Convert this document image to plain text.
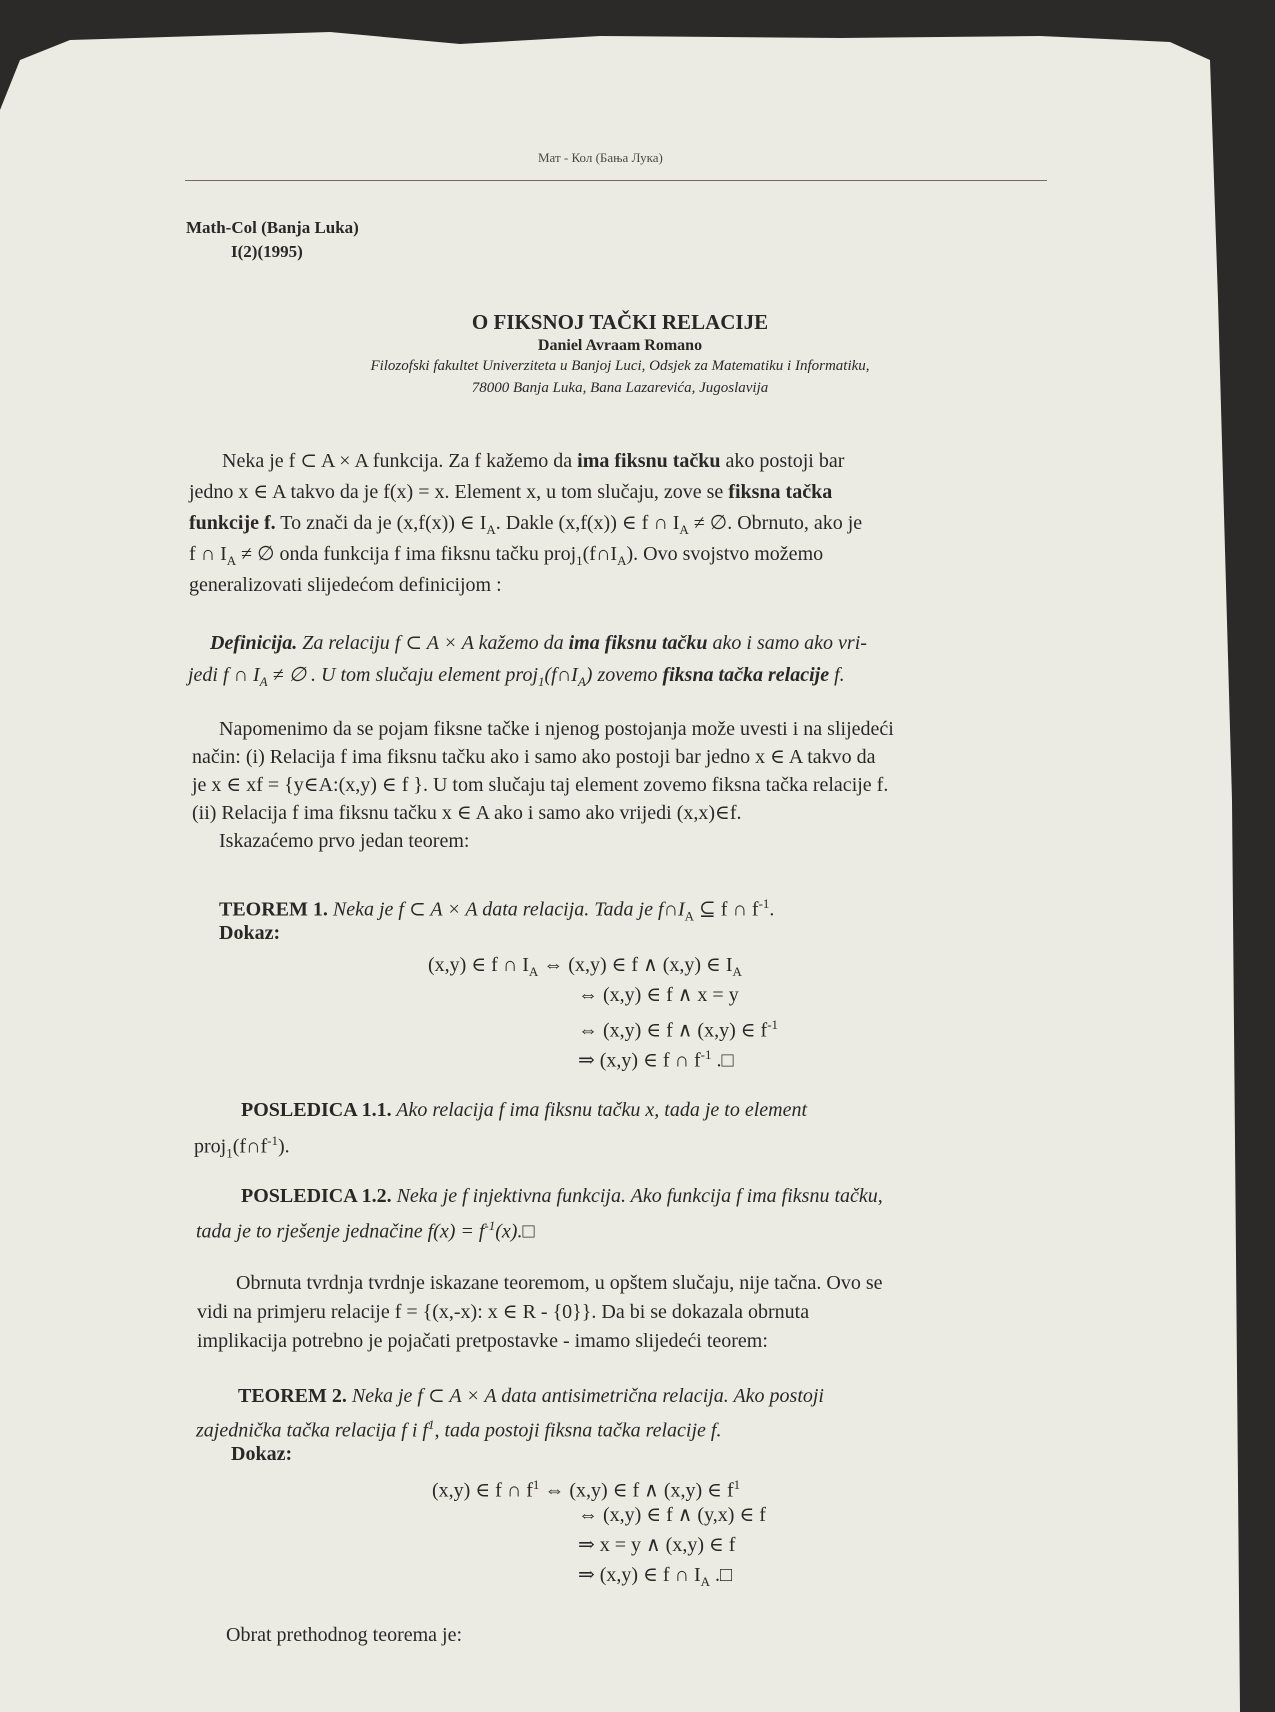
Мат - Кол (Бања Лука)
Math-Col (Banja Luka)
I(2)(1995)
O FIKSNOJ TAČKI RELACIJE
Daniel Avraam Romano
Filozofski fakultet Univerziteta u Banjoj Luci, Odsjek za Matematiku i Informatiku,
78000 Banja Luka, Bana Lazarevića, Jugoslavija
Neka je f ⊂ A × A funkcija. Za f kažemo da ima fiksnu tačku ako postoji bar
jedno x ∈ A takvo da je f(x) = x. Element x, u tom slučaju, zove se fiksna tačka
funkcije f. To znači da je (x,f(x)) ∈ $I_A$. Dakle (x,f(x)) ∈ f ∩ $I_A$ ≠ ∅. Obrnuto, ako je
f ∩ $I_A$ ≠ ∅ onda funkcija f ima fiksnu tačku $proj_1(f\cap I_A)$. Ovo svojstvo možemo
generalizovati slijedećom definicijom :
Definicija. Za relaciju f ⊂ A × A kažemo da ima fiksnu tačku ako i samo ako vri-
jedi f ∩ $I_A$ ≠ ∅ . U tom slučaju element $proj_1(f\cap I_A)$ zovemo fiksna tačka relacije f.
Napomenimo da se pojam fiksne tačke i njenog postojanja može uvesti i na slijedeći
način: (i) Relacija f ima fiksnu tačku ako i samo ako postoji bar jedno x ∈ A takvo da
je x ∈ xf = {y∈A:(x,y) ∈ f }. U tom slučaju taj element zovemo fiksna tačka relacije f.
(ii) Relacija f ima fiksnu tačku x ∈ A ako i samo ako vrijedi (x,x)∈f.
Iskazaćemo prvo jedan teorem:
TEOREM 1. Neka je f ⊂ A × A data relacija. Tada je $f\cap I_A$ ⊆ f ∩ $f^{-1}$.
Dokaz:
(x,y) ∈ f ∩ $I_A$ ⇔ (x,y) ∈ f ∧ (x,y) ∈ $I_A$
⇔ (x,y) ∈ f ∧ x = y
⇔ (x,y) ∈ f ∧ (x,y) ∈ $f^{-1}$
⇒ (x,y) ∈ f ∩ $f^{-1}$ .□
POSLEDICA 1.1. Ako relacija f ima fiksnu tačku x, tada je to element
$proj_1(f\cap f^{-1})$.
POSLEDICA 1.2. Neka je f injektivna funkcija. Ako funkcija f ima fiksnu tačku,
tada je to rješenje jednačine $f(x) = f^{-1}(x).□$
Obrnuta tvrdnja tvrdnje iskazane teoremom, u opštem slučaju, nije tačna. Ovo se
vidi na primjeru relacije f = {(x,-x): x ∈ R - {0}}. Da bi se dokazala obrnuta
implikacija potrebno je pojačati pretpostavke - imamo slijedeći teorem:
TEOREM 2. Neka je f ⊂ A × A data antisimetrična relacija. Ako postoji
zajednička tačka relacija f i $f^1$, tada postoji fiksna tačka relacije f.
Dokaz:
(x,y) ∈ f ∩ $f^1$ ⇔ (x,y) ∈ f ∧ (x,y) ∈ $f^1$
⇔ (x,y) ∈ f ∧ (y,x) ∈ f
⇒ x = y ∧ (x,y) ∈ f
⇒ (x,y) ∈ f ∩ $I_A$ .□
Obrat prethodnog teorema je:
